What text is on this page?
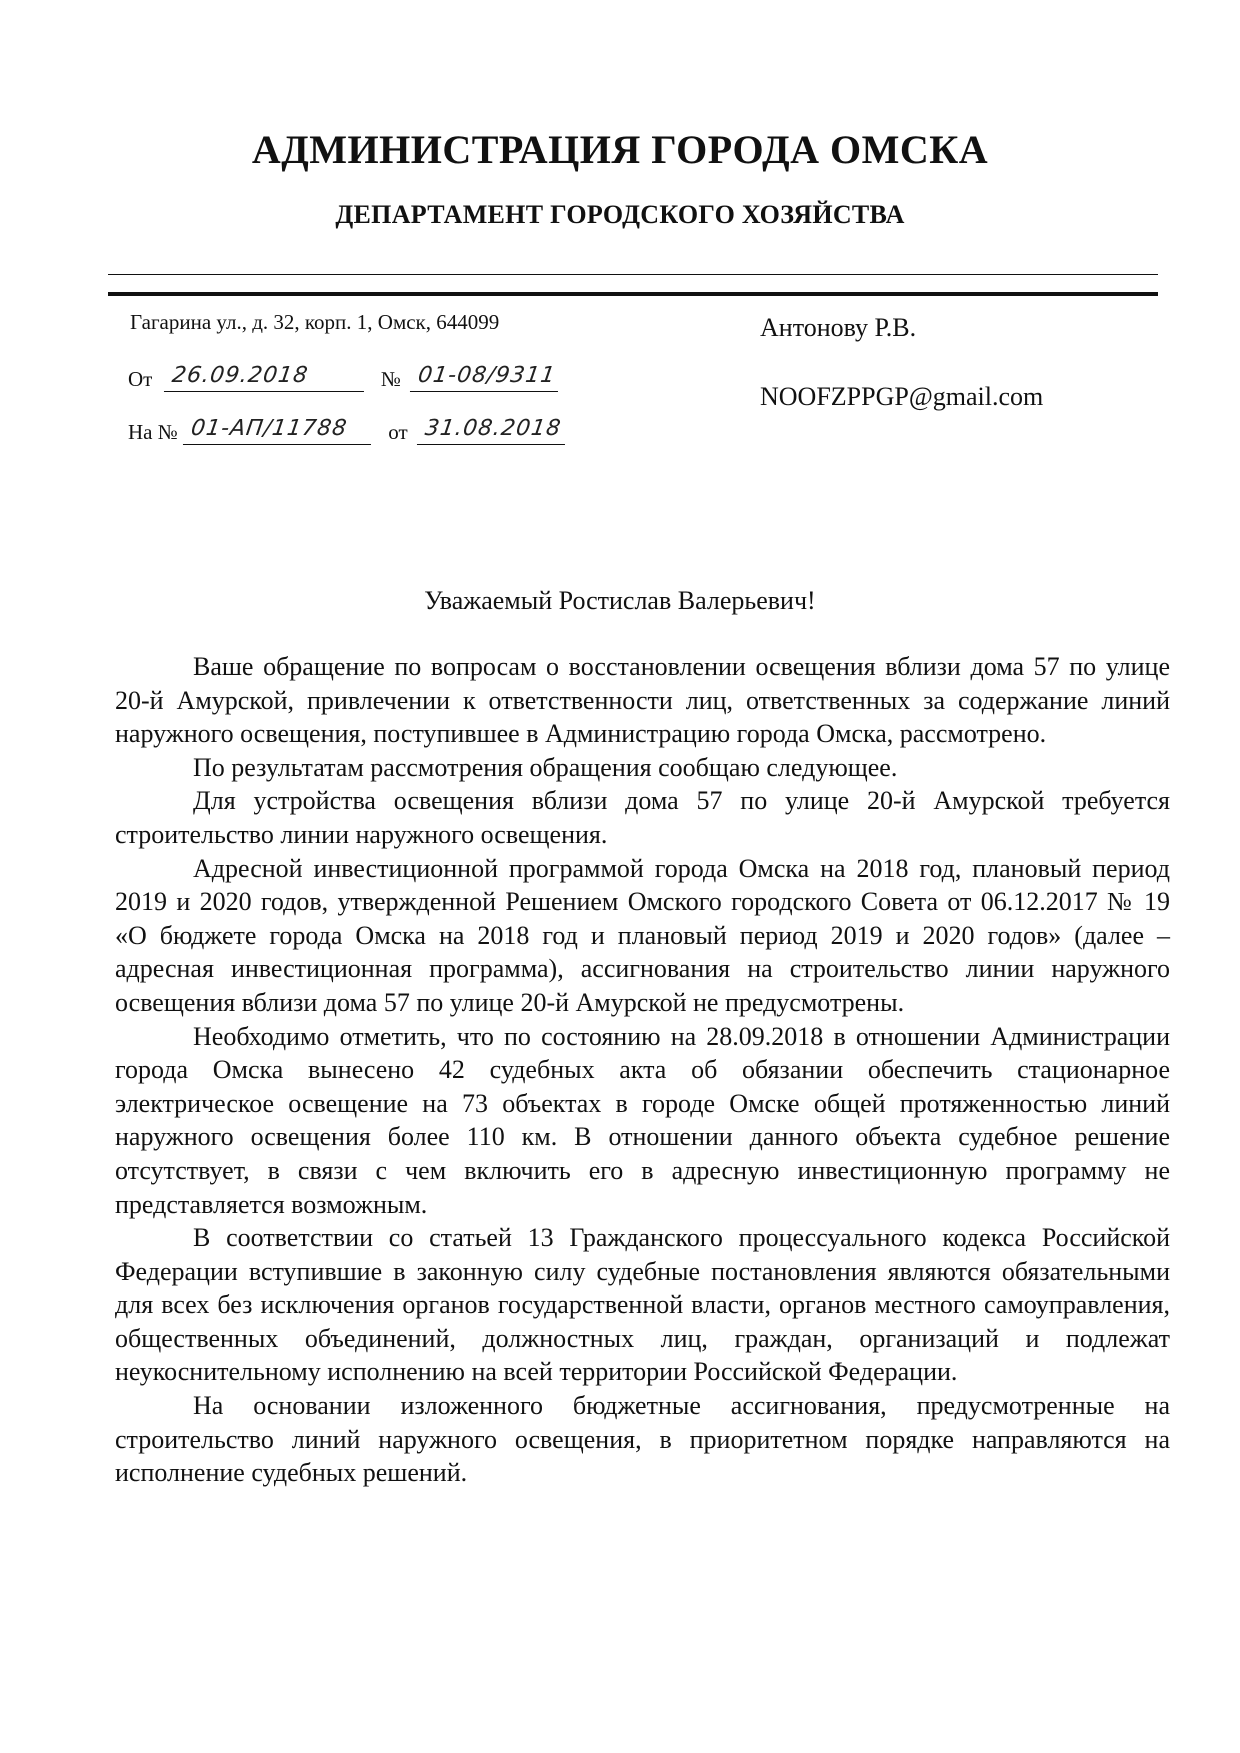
АДМИНИСТРАЦИЯ ГОРОДА ОМСКА
ДЕПАРТАМЕНТ ГОРОДСКОГО ХОЗЯЙСТВА
Гагарина ул., д. 32, корп. 1, Омск, 644099
От 26.09.2018	№ 01-08/9311
На № 01-АП/11788 от 31.08.2018
Антонову Р.В.
NOOFZPPGP@gmail.com
Уважаемый Ростислав Валерьевич!

Ваше обращение по вопросам о восстановлении освещения вблизи дома 57 по улице 20-й Амурской, привлечении к ответственности лиц, ответственных за содержание линий наружного освещения, поступившее в Администрацию города Омска, рассмотрено.

По результатам рассмотрения обращения сообщаю следующее.

Для устройства освещения вблизи дома 57 по улице 20-й Амурской требуется строительство линии наружного освещения.

Адресной инвестиционной программой города Омска на 2018 год, плановый период 2019 и 2020 годов, утвержденной Решением Омского городского Совета от 06.12.2017 № 19 «О бюджете города Омска на 2018 год и плановый период 2019 и 2020 годов» (далее – адресная инвестиционная программа), ассигнования на строительство линии наружного освещения вблизи дома 57 по улице 20-й Амурской не предусмотрены.

Необходимо отметить, что по состоянию на 28.09.2018 в отношении Администрации города Омска вынесено 42 судебных акта об обязании обеспечить стационарное электрическое освещение на 73 объектах в городе Омске общей протяженностью линий наружного освещения более 110 км. В отношении данного объекта судебное решение отсутствует, в связи с чем включить его в адресную инвестиционную программу не представляется возможным.

В соответствии со статьей 13 Гражданского процессуального кодекса Российской Федерации вступившие в законную силу судебные постановления являются обязательными для всех без исключения органов государственной власти, органов местного самоуправления, общественных объединений, должностных лиц, граждан, организаций и подлежат неукоснительному исполнению на всей территории Российской Федерации.

На основании изложенного бюджетные ассигнования, предусмотренные на строительство линий наружного освещения, в приоритетном порядке направляются на исполнение судебных решений.
